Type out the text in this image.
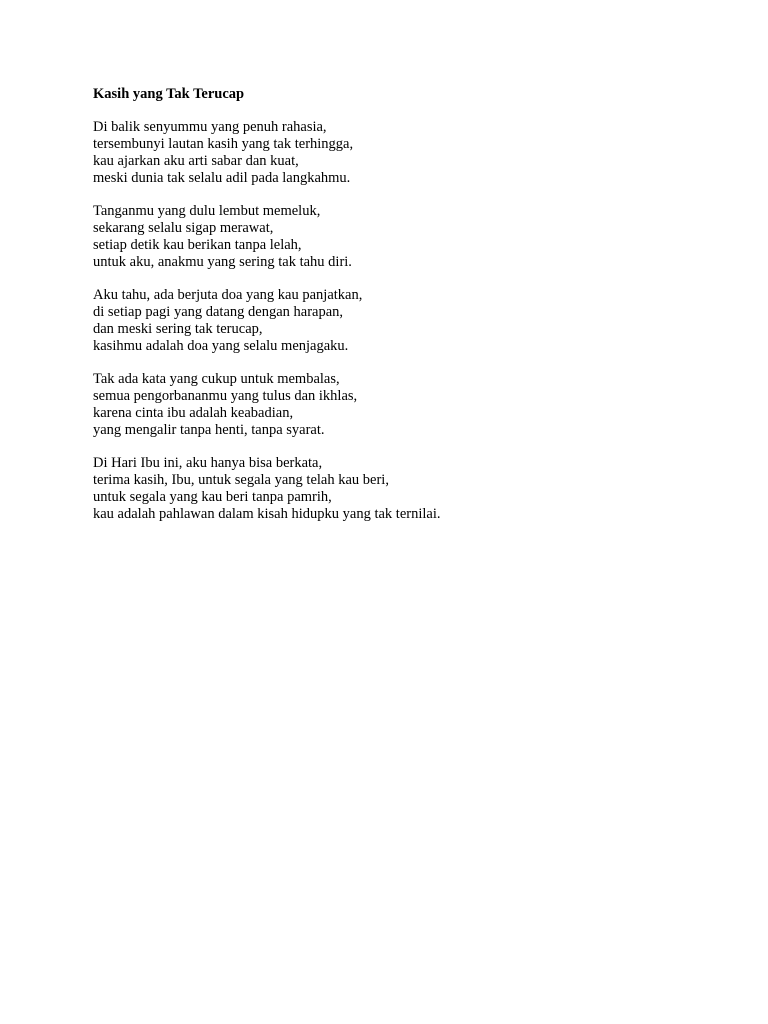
Kasih yang Tak Terucap
Di balik senyummu yang penuh rahasia,
tersembunyi lautan kasih yang tak terhingga,
kau ajarkan aku arti sabar dan kuat,
meski dunia tak selalu adil pada langkahmu.
Tanganmu yang dulu lembut memeluk,
sekarang selalu sigap merawat,
setiap detik kau berikan tanpa lelah,
untuk aku, anakmu yang sering tak tahu diri.
Aku tahu, ada berjuta doa yang kau panjatkan,
di setiap pagi yang datang dengan harapan,
dan meski sering tak terucap,
kasihmu adalah doa yang selalu menjagaku.
Tak ada kata yang cukup untuk membalas,
semua pengorbananmu yang tulus dan ikhlas,
karena cinta ibu adalah keabadian,
yang mengalir tanpa henti, tanpa syarat.
Di Hari Ibu ini, aku hanya bisa berkata,
terima kasih, Ibu, untuk segala yang telah kau beri,
untuk segala yang kau beri tanpa pamrih,
kau adalah pahlawan dalam kisah hidupku yang tak ternilai.
